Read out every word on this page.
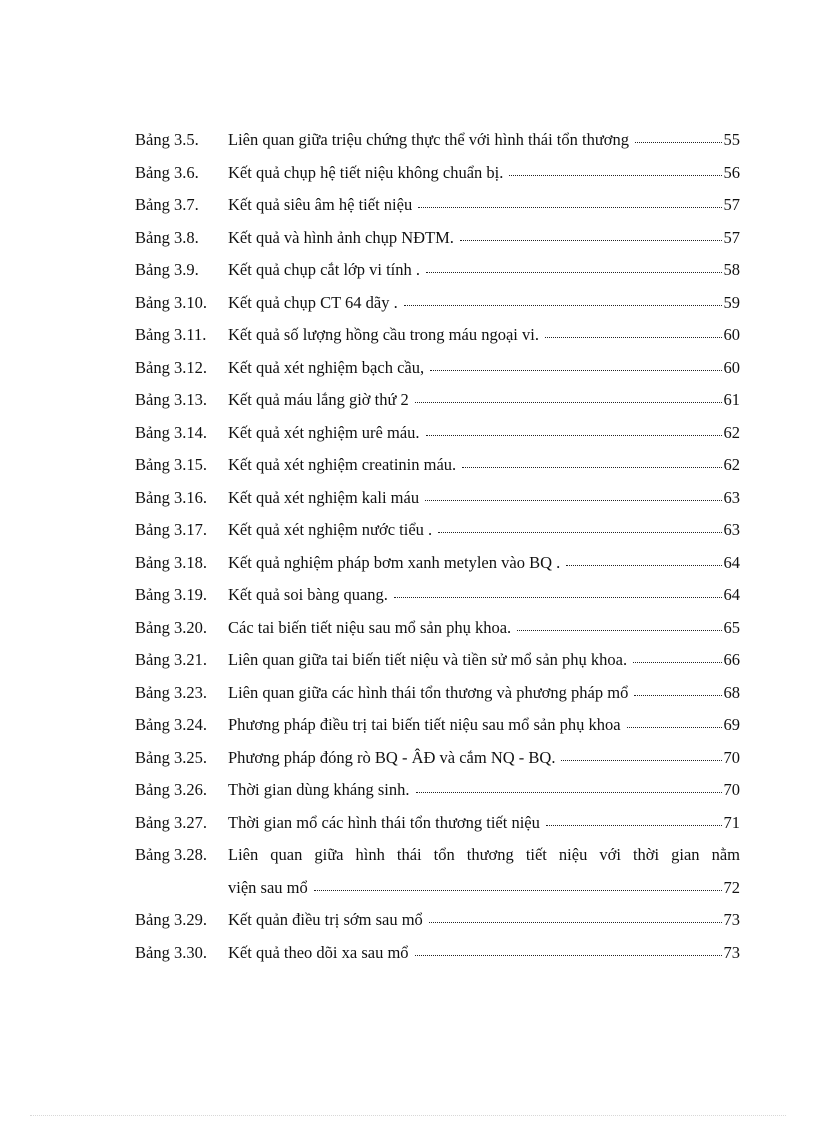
Bảng 3.5.	Liên quan giữa triệu chứng thực thể với hình thái tổn thương	55
Bảng 3.6.	Kết quả chụp hệ tiết niệu không chuẩn bị.	56
Bảng 3.7.	Kết quả siêu âm hệ tiết niệu	57
Bảng 3.8.	Kết quả và hình ảnh chụp NĐTM.	57
Bảng 3.9.	Kết quả chụp cắt lớp vi tính .	58
Bảng 3.10.	Kết quả chụp CT 64 dãy .	59
Bảng 3.11.	Kết quả số lượng hồng cầu trong máu ngoại vi.	60
Bảng 3.12.	Kết quả xét nghiệm bạch cầu,	60
Bảng 3.13.	Kết quả máu lắng giờ thứ 2	61
Bảng 3.14.	Kết quả xét nghiệm urê máu.	62
Bảng 3.15.	Kết quả xét nghiệm creatinin máu.	62
Bảng 3.16.	Kết quả xét nghiệm kali máu	63
Bảng 3.17.	Kết quả xét nghiệm nước tiểu .	63
Bảng 3.18.	Kết quả nghiệm pháp bơm xanh metylen vào BQ .	64
Bảng 3.19.	Kết quả soi bàng quang.	64
Bảng 3.20.	Các tai biến tiết niệu sau mổ sản phụ khoa.	65
Bảng 3.21.	Liên quan giữa tai biến tiết niệu và tiền sử mổ sản phụ khoa.	66
Bảng 3.23.	Liên quan giữa các hình thái tổn thương và phương pháp mổ	68
Bảng 3.24.	Phương pháp điều trị tai biến tiết niệu sau mổ sản phụ khoa	69
Bảng 3.25.	Phương pháp đóng rò BQ - ÂĐ và cắm NQ - BQ.	70
Bảng 3.26.	Thời gian dùng kháng sinh.	70
Bảng 3.27.	Thời gian mổ các hình thái tổn thương tiết niệu	71
Bảng 3.28.	Liên quan giữa hình thái tổn thương tiết niệu với thời gian nằm
viện sau mổ	72
Bảng 3.29.	Kết quản điều trị sớm sau mổ	73
Bảng 3.30.	Kết quả theo dõi xa sau mổ	73
